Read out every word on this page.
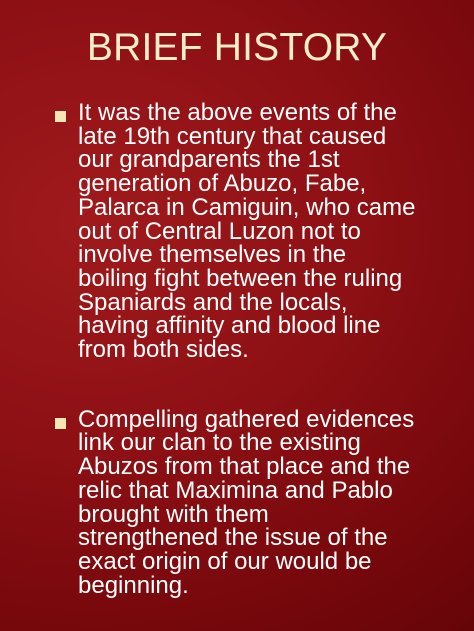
BRIEF HISTORY
It was the above events of the
late 19th century that caused
our grandparents the 1st
generation of Abuzo, Fabe,
Palarca in Camiguin, who came
out of Central Luzon not to
involve themselves in the
boiling fight between the ruling
Spaniards and the locals,
having affinity and blood line
from both sides.
Compelling gathered evidences
link our clan to the existing
Abuzos from that place and the
relic that Maximina and Pablo
brought with them
strengthened the issue of the
exact origin of our would be
beginning.
